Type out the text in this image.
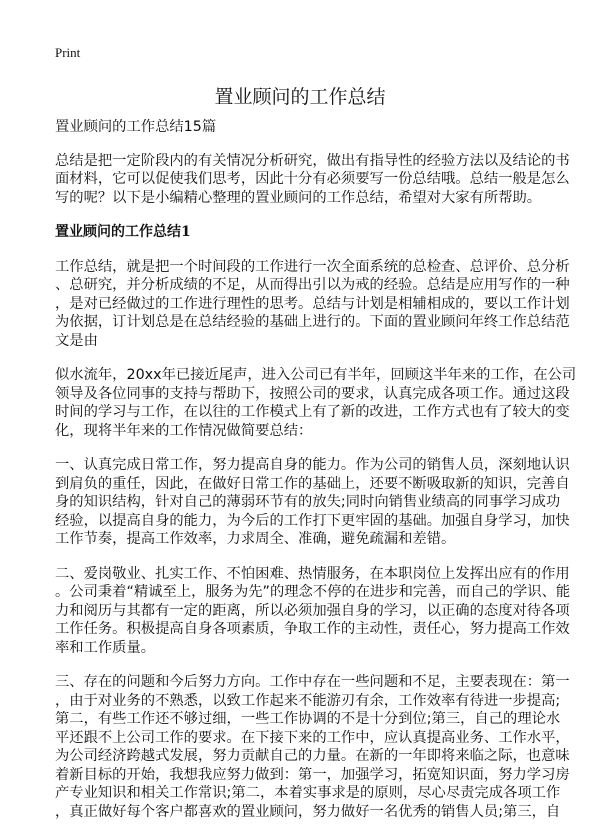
Print
置业顾问的工作总结
置业顾问的工作总结15篇
总结是把一定阶段内的有关情况分析研究，做出有指导性的经验方法以及结论的书
面材料，它可以促使我们思考，因此十分有必须要写一份总结哦。总结一般是怎么
写的呢？以下是小编精心整理的置业顾问的工作总结，希望对大家有所帮助。
置业顾问的工作总结1
工作总结，就是把一个时间段的工作进行一次全面系统的总检查、总评价、总分析
、总研究，并分析成绩的不足，从而得出引以为戒的经验。总结是应用写作的一种
，是对已经做过的工作进行理性的思考。总结与计划是相辅相成的，要以工作计划
为依据，订计划总是在总结经验的基础上进行的。下面的置业顾问年终工作总结范
文是由
似水流年，20xx年已接近尾声，进入公司已有半年，回顾这半年来的工作，在公司
领导及各位同事的支持与帮助下，按照公司的要求，认真完成各项工作。通过这段
时间的学习与工作，在以往的工作模式上有了新的改进，工作方式也有了较大的变
化，现将半年来的工作情况做简要总结：
一、认真完成日常工作，努力提高自身的能力。作为公司的销售人员，深刻地认识
到肩负的重任，因此，在做好日常工作的基础上，还要不断吸取新的知识，完善自
身的知识结构，针对自己的薄弱环节有的放失;同时向销售业绩高的同事学习成功
经验，以提高自身的能力，为今后的工作打下更牢固的基础。加强自身学习，加快
工作节奏，提高工作效率，力求周全、准确，避免疏漏和差错。
二、爱岗敬业、扎实工作、不怕困难、热情服务，在本职岗位上发挥出应有的作用
。公司秉着“精诚至上，服务为先”的理念不停的在进步和完善，而自己的学识、能
力和阅历与其都有一定的距离，所以必须加强自身的学习，以正确的态度对待各项
工作任务。积极提高自身各项素质，争取工作的主动性，责任心，努力提高工作效
率和工作质量。
三、存在的问题和今后努力方向。工作中存在一些问题和不足，主要表现在：第一
，由于对业务的不熟悉，以致工作起来不能游刃有余，工作效率有待进一步提高;
第二，有些工作还不够过细，一些工作协调的不是十分到位;第三，自己的理论水
平还跟不上公司工作的要求。在下接下来的工作中，应认真提高业务、工作水平，
为公司经济跨越式发展，努力贡献自己的力量。在新的一年即将来临之际，也意味
着新目标的开始，我想我应努力做到：第一，加强学习，拓宽知识面，努力学习房
产专业知识和相关工作常识;第二，本着实事求是的原则，尽心尽责完成各项工作
，真正做好每个客户都喜欢的置业顾问，努力做好一名优秀的销售人员;第三，自
